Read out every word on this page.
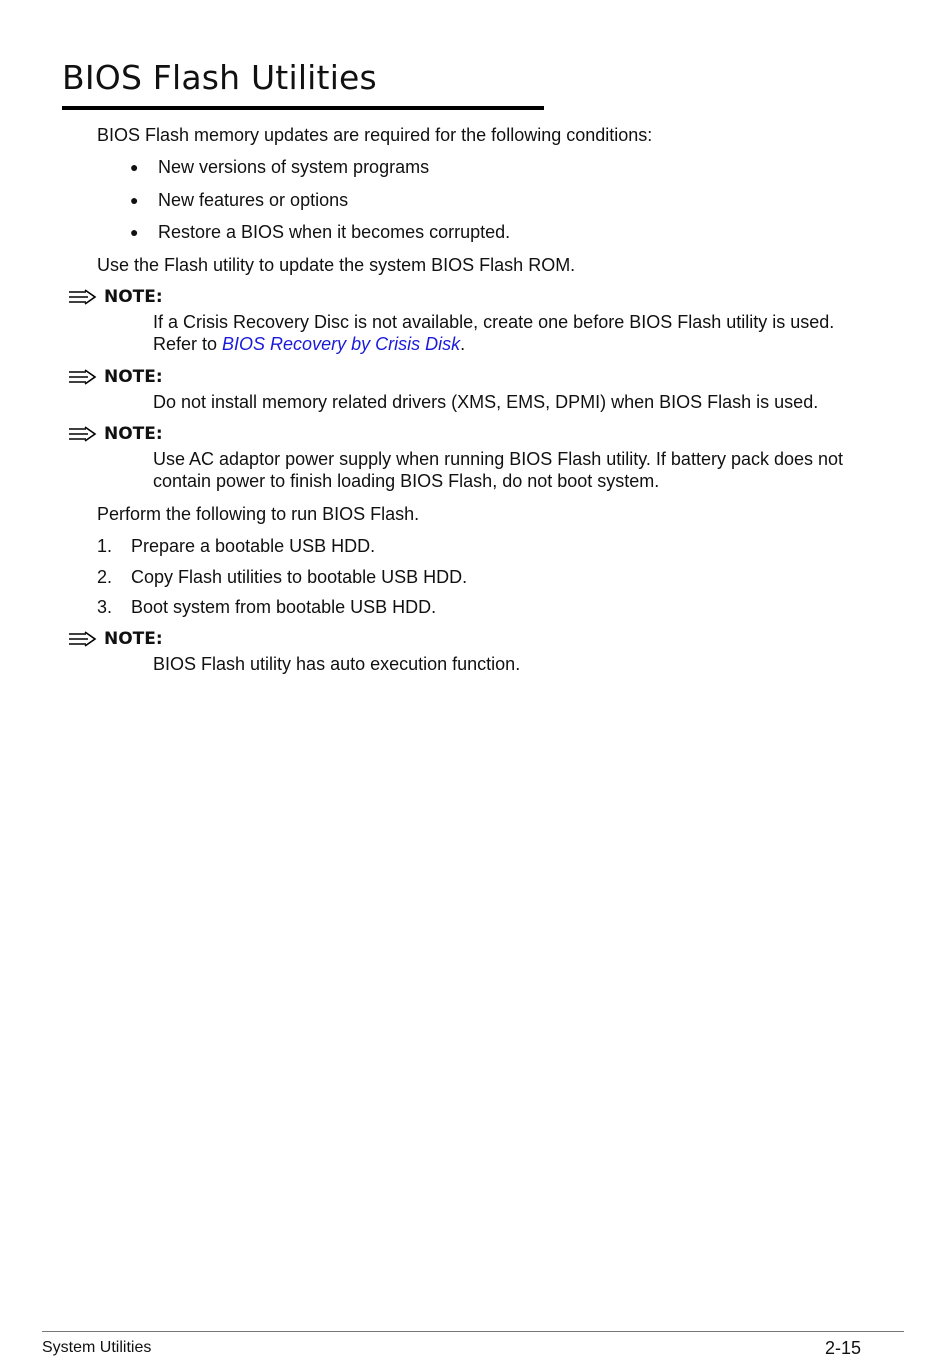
BIOS Flash Utilities
BIOS Flash memory updates are required for the following conditions:
● New versions of system programs
● New features or options
● Restore a BIOS when it becomes corrupted.
Use the Flash utility to update the system BIOS Flash ROM.
NOTE:
If a Crisis Recovery Disc is not available, create one before BIOS Flash utility is used.
Refer to BIOS Recovery by Crisis Disk.
NOTE:
Do not install memory related drivers (XMS, EMS, DPMI) when BIOS Flash is used.
NOTE:
Use AC adaptor power supply when running BIOS Flash utility. If battery pack does not
contain power to finish loading BIOS Flash, do not boot system.
Perform the following to run BIOS Flash.
1. Prepare a bootable USB HDD.
2. Copy Flash utilities to bootable USB HDD.
3. Boot system from bootable USB HDD.
NOTE:
BIOS Flash utility has auto execution function.
System Utilities	2-15
